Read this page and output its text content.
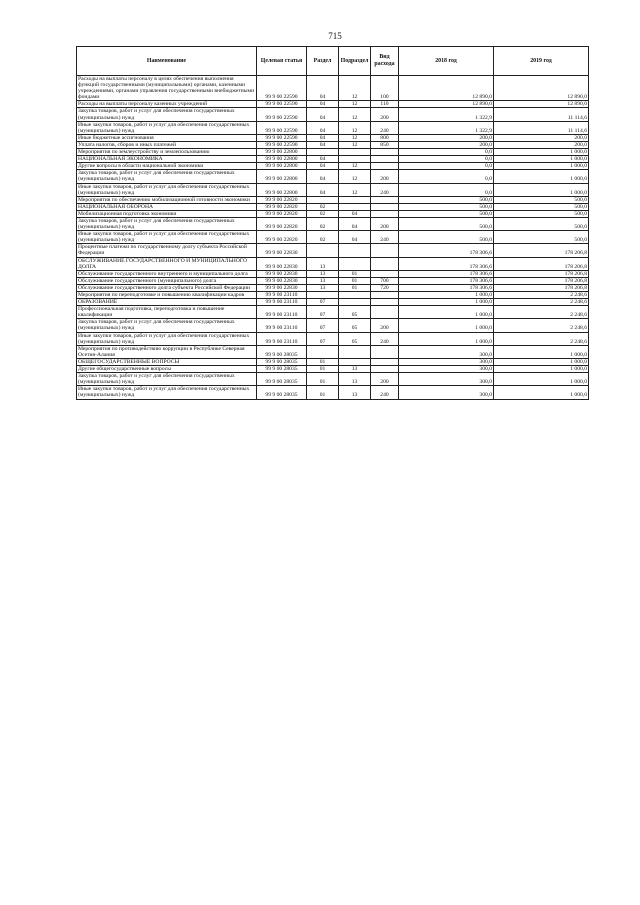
715
Наименование	Целевая статья	Раздел	Подраздел	Вид расхода	2018 год	2019 год
Расходы на выплаты персоналу в целях обеспечения выполнения функций государственными (муниципальными) органами, казенными учреждениями, органами управления государственными внебюджетными фондами	99 9 00 22590	04	12	100	12 890,0	12 890,0
Расходы на выплаты персоналу казенных учреждений	99 9 00 22590	04	12	110	12 890,0	12 890,0
Закупка товаров, работ и услуг для обеспечения государственных (муниципальных) нужд	99 9 00 22590	04	12	200	1 322,9	11 114,6
Иные закупки товаров, работ и услуг для обеспечения государственных (муниципальных) нужд	99 9 00 22590	04	12	240	1 322,9	11 114,6
Иные бюджетные ассигнования	99 9 00 22590	04	12	800	200,0	200,0
Уплата налогов, сборов и иных платежей	99 9 00 22590	04	12	850	200,0	200,0
Мероприятия по землеустройству и землепользованию	99 9 00 22800				0,0	1 000,0
НАЦИОНАЛЬНАЯ ЭКОНОМИКА	99 9 00 22800	04			0,0	1 000,0
Другие вопросы в области национальной экономики	99 9 00 22800	04	12		0,0	1 000,0
Закупка товаров, работ и услуг для обеспечения государственных (муниципальных) нужд	99 9 00 22800	04	12	200	0,0	1 000,0
Иные закупки товаров, работ и услуг для обеспечения государственных (муниципальных) нужд	99 9 00 22800	04	12	240	0,0	1 000,0
Мероприятия по обеспечению мобилизационной готовности экономики	99 9 00 22820				500,0	500,0
НАЦИОНАЛЬНАЯ ОБОРОНА	99 9 00 22820	02			500,0	500,0
Мобилизационная подготовка экономики	99 9 00 22820	02	04		500,0	500,0
Закупка товаров, работ и услуг для обеспечения государственных (муниципальных) нужд	99 9 00 22820	02	04	200	500,0	500,0
Иные закупки товаров, работ и услуг для обеспечения государственных (муниципальных) нужд	99 9 00 22820	02	04	240	500,0	500,0
Процентные платежи по государственному долгу субъекта Российской Федерации	99 9 00 22830				178 306,6	178 206,8
ОБСЛУЖИВАНИЕ ГОСУДАРСТВЕННОГО И МУНИЦИПАЛЬНОГО ДОЛГА	99 9 00 22830	13			178 306,6	178 206,8
Обслуживание государственного внутреннего и муниципального долга	99 9 00 22830	13	01		178 306,6	178 206,8
Обслуживание государственного (муниципального) долга	99 9 00 22830	13	01	700	178 306,6	178 206,8
Обслуживание государственного долга субъекта Российской Федерации	99 9 00 22830	13	01	720	178 306,6	178 206,8
Мероприятия по переподготовке и повышению квалификации кадров	99 9 00 23110				1 000,0	2 248,6
ОБРАЗОВАНИЕ	99 9 00 23110	07			1 000,0	2 248,6
Профессиональная подготовка, переподготовка и повышение квалификации	99 9 00 23110	07	05		1 000,0	2 248,6
Закупка товаров, работ и услуг для обеспечения государственных (муниципальных) нужд	99 9 00 23110	07	05	200	1 000,0	2 248,6
Иные закупки товаров, работ и услуг для обеспечения государственных (муниципальных) нужд	99 9 00 23110	07	05	240	1 000,0	2 248,6
Мероприятия по противодействию коррупции в Республике Северная Осетия-Алания	99 9 00 28035				300,0	1 000,0
ОБЩЕГОСУДАРСТВЕННЫЕ ВОПРОСЫ	99 9 00 28035	01			300,0	1 000,0
Другие общегосударственные вопросы	99 9 00 28035	01	13		300,0	1 000,0
Закупка товаров, работ и услуг для обеспечения государственных (муниципальных) нужд	99 9 00 28035	01	13	200	300,0	1 000,0
Иные закупки товаров, работ и услуг для обеспечения государственных (муниципальных) нужд	99 9 00 28035	01	13	240	300,0	1 000,0
